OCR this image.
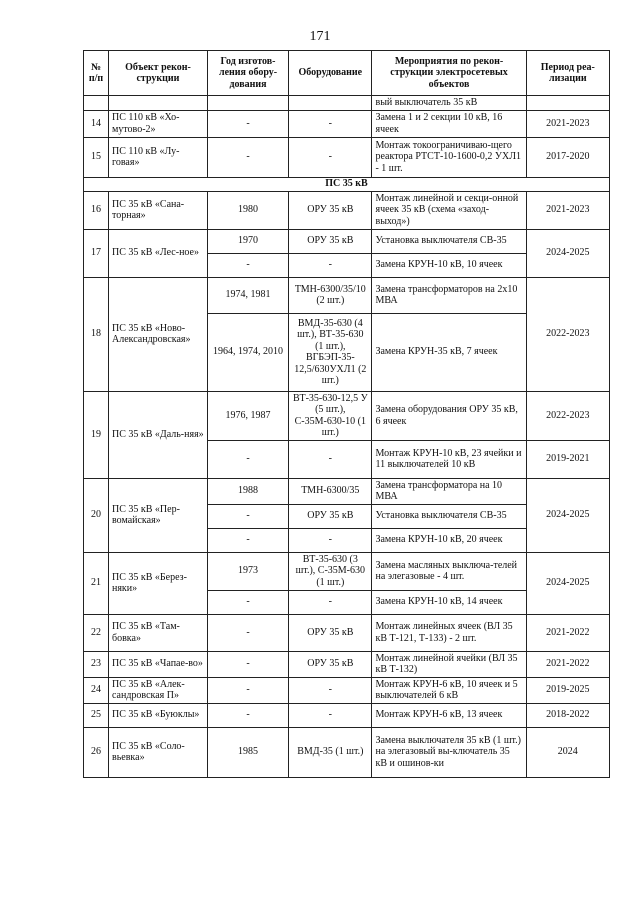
171
№ п/п	Объект рекон-струкции	Год изготов-ления обору-дования	Оборудование	Мероприятия по рекон-струкции электросетевых объектов	Период реа-лизации
				вый выключатель 35 кВ	
14	ПС 110 кВ «Хо-мутово-2»	-	-	Замена 1 и 2 секции 10 кВ, 16 ячеек	2021-2023
15	ПС 110 кВ «Лу-говая»	-	-	Монтаж токоограничиваю-щего реактора РТСТ-10-1600-0,2 УХЛ1 - 1 шт.	2017-2020
ПС 35 кВ					
16	ПС 35 кВ «Сана-торная»	1980	ОРУ 35 кВ	Монтаж линейной и секци-онной ячеек 35 кВ (схема «заход-выход»)	2021-2023
17	ПС 35 кВ «Лес-ное»	1970	ОРУ 35 кВ	Установка выключателя СВ-35	2024-2025
		-	-	Замена КРУН-10 кВ, 10 ячеек	
18	ПС 35 кВ «Ново-Александровская»	1974, 1981	ТМН-6300/35/10 (2 шт.)	Замена трансформаторов на 2х10 МВА	2022-2023
		1964, 1974, 2010	ВМД-35-630 (4 шт.), ВТ-35-630 (1 шт.), ВГБЭП-35-12,5/630УХЛ1 (2 шт.)	Замена КРУН-35 кВ, 7 ячеек	
19	ПС 35 кВ «Даль-няя»	1976, 1987	ВТ-35-630-12,5 У (5 шт.), С-35М-630-10 (1 шт.)	Замена оборудования ОРУ 35 кВ, 6 ячеек	2022-2023
		-	-	Монтаж КРУН-10 кВ, 23 ячейки и 11 выключателей 10 кВ	2019-2021
20	ПС 35 кВ «Пер-вомайская»	1988	ТМН-6300/35	Замена трансформатора на 10 МВА	2024-2025
		-	ОРУ 35 кВ	Установка выключателя СВ-35	
		-	-	Замена КРУН-10 кВ, 20 ячеек	
21	ПС 35 кВ «Берез-няки»	1973	ВТ-35-630 (3 шт.), С-35М-630 (1 шт.)	Замена масляных выключа-телей на элегазовые - 4 шт.	2024-2025
		-	-	Замена КРУН-10 кВ, 14 ячеек	
22	ПС 35 кВ «Там-бовка»	-	ОРУ 35 кВ	Монтаж линейных ячеек (ВЛ 35 кВ Т-121, Т-133) - 2 шт.	2021-2022
23	ПС 35 кВ «Чапае-во»	-	ОРУ 35 кВ	Монтаж линейной ячейки (ВЛ 35 кВ Т-132)	2021-2022
24	ПС 35 кВ «Алек-сандровская П»	-	-	Монтаж КРУН-6 кВ, 10 ячеек и 5 выключателей 6 кВ	2019-2025
25	ПС 35 кВ «Буюклы»	-	-	Монтаж КРУН-6 кВ, 13 ячеек	2018-2022
26	ПС 35 кВ «Соло-вьевка»	1985	ВМД-35 (1 шт.)	Замена выключателя 35 кВ (1 шт.) на элегазовый вы-ключатель 35 кВ и ошинов-ки	2024
